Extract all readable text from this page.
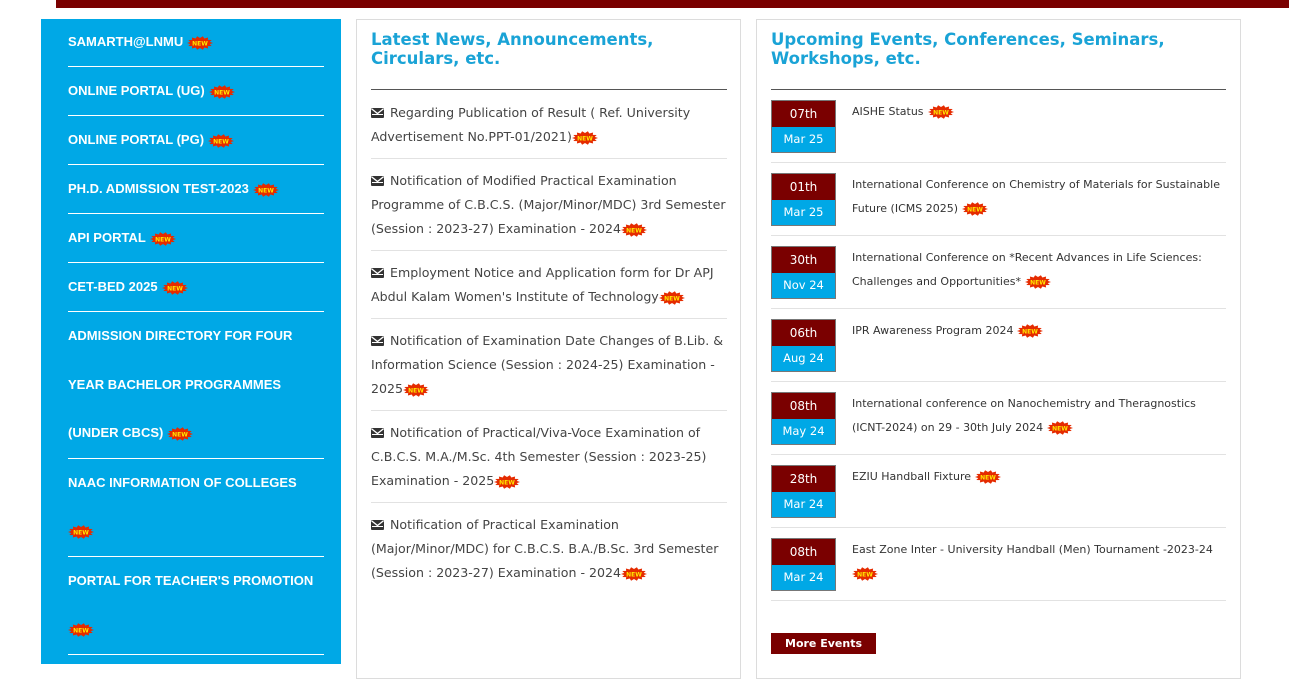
SAMARTH@LNMU NEW
ONLINE PORTAL (UG) NEW
ONLINE PORTAL (PG) NEW
PH.D. ADMISSION TEST-2023 NEW
API PORTAL NEW
CET-BED 2025 NEW
ADMISSION DIRECTORY FOR FOUR YEAR BACHELOR PROGRAMMES (UNDER CBCS) NEW
NAAC INFORMATION OF COLLEGES

NEW
PORTAL FOR TEACHER'S PROMOTION

NEW
Latest News, Announcements, Circulars, etc.
Regarding Publication of Result ( Ref. University Advertisement No.PPT-01/2021) NEW
Notification of Modified Practical Examination Programme of C.B.C.S. (Major/Minor/MDC) 3rd Semester (Session : 2023-27) Examination - 2024 NEW
Employment Notice and Application form for Dr APJ Abdul Kalam Women's Institute of Technology NEW
Notification of Examination Date Changes of B.Lib. & Information Science (Session : 2024-25) Examination - 2025 NEW
Notification of Practical/Viva-Voce Examination of C.B.C.S. M.A./M.Sc. 4th Semester (Session : 2023-25) Examination - 2025 NEW
Notification of Practical Examination (Major/Minor/MDC) for C.B.C.S. B.A./B.Sc. 3rd Semester (Session : 2023-27) Examination - 2024 NEW
Upcoming Events, Conferences, Seminars, Workshops, etc.
07th
Mar 25
AISHE Status NEW
01th
Mar 25
International Conference on Chemistry of Materials for Sustainable Future (ICMS 2025) NEW
30th
Nov 24
International Conference on *Recent Advances in Life Sciences: Challenges and Opportunities* NEW
06th
Aug 24
IPR Awareness Program 2024 NEW
08th
May 24
International conference on Nanochemistry and Theragnostics (ICNT-2024) on 29 - 30th July 2024 NEW
28th
Mar 24
EZIU Handball Fixture NEW
08th
Mar 24
East Zone Inter - University Handball (Men) Tournament -2023-24

NEW
More Events
